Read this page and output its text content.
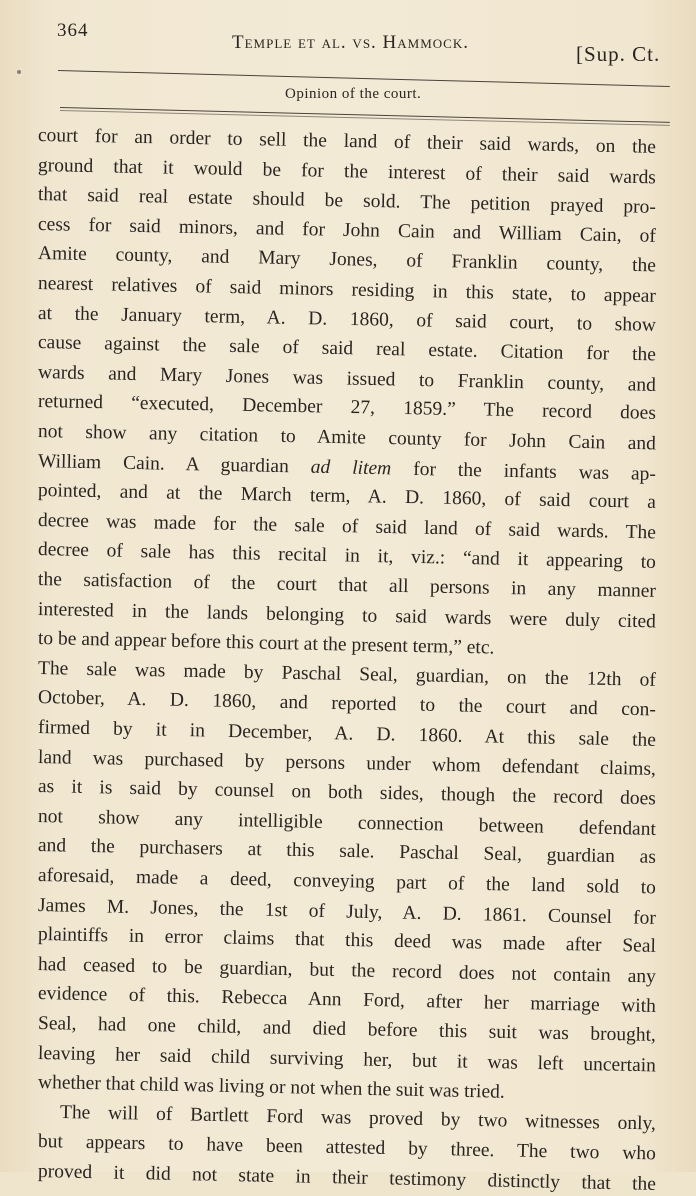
364
Temple et al. vs. Hammock.	[Sup. Ct.
Opinion of the court.
court for an order to sell the land of their said wards, on the
ground that it would be for the interest of their said wards
that said real estate should be sold. The petition prayed pro-
cess for said minors, and for John Cain and William Cain, of
Amite county, and Mary Jones, of Franklin county, the
nearest relatives of said minors residing in this state, to appear
at the January term, A. D. 1860, of said court, to show
cause against the sale of said real estate. Citation for the
wards and Mary Jones was issued to Franklin county, and
returned “executed, December 27, 1859.” The record does
not show any citation to Amite county for John Cain and
William Cain. A guardian ad litem for the infants was ap-
pointed, and at the March term, A. D. 1860, of said court a
decree was made for the sale of said land of said wards. The
decree of sale has this recital in it, viz.: “and it appearing to
the satisfaction of the court that all persons in any manner
interested in the lands belonging to said wards were duly cited
to be and appear before this court at the present term,” etc.
The sale was made by Paschal Seal, guardian, on the 12th of
October, A. D. 1860, and reported to the court and con-
firmed by it in December, A. D. 1860. At this sale the
land was purchased by persons under whom defendant claims,
as it is said by counsel on both sides, though the record does
not show any intelligible connection between defendant
and the purchasers at this sale. Paschal Seal, guardian as
aforesaid, made a deed, conveying part of the land sold to
James M. Jones, the 1st of July, A. D. 1861. Counsel for
plaintiffs in error claims that this deed was made after Seal
had ceased to be guardian, but the record does not contain any
evidence of this. Rebecca Ann Ford, after her marriage with
Seal, had one child, and died before this suit was brought,
leaving her said child surviving her, but it was left uncertain
whether that child was living or not when the suit was tried.
The will of Bartlett Ford was proved by two witnesses only,
but appears to have been attested by three. The two who
proved it did not state in their testimony distinctly that the
